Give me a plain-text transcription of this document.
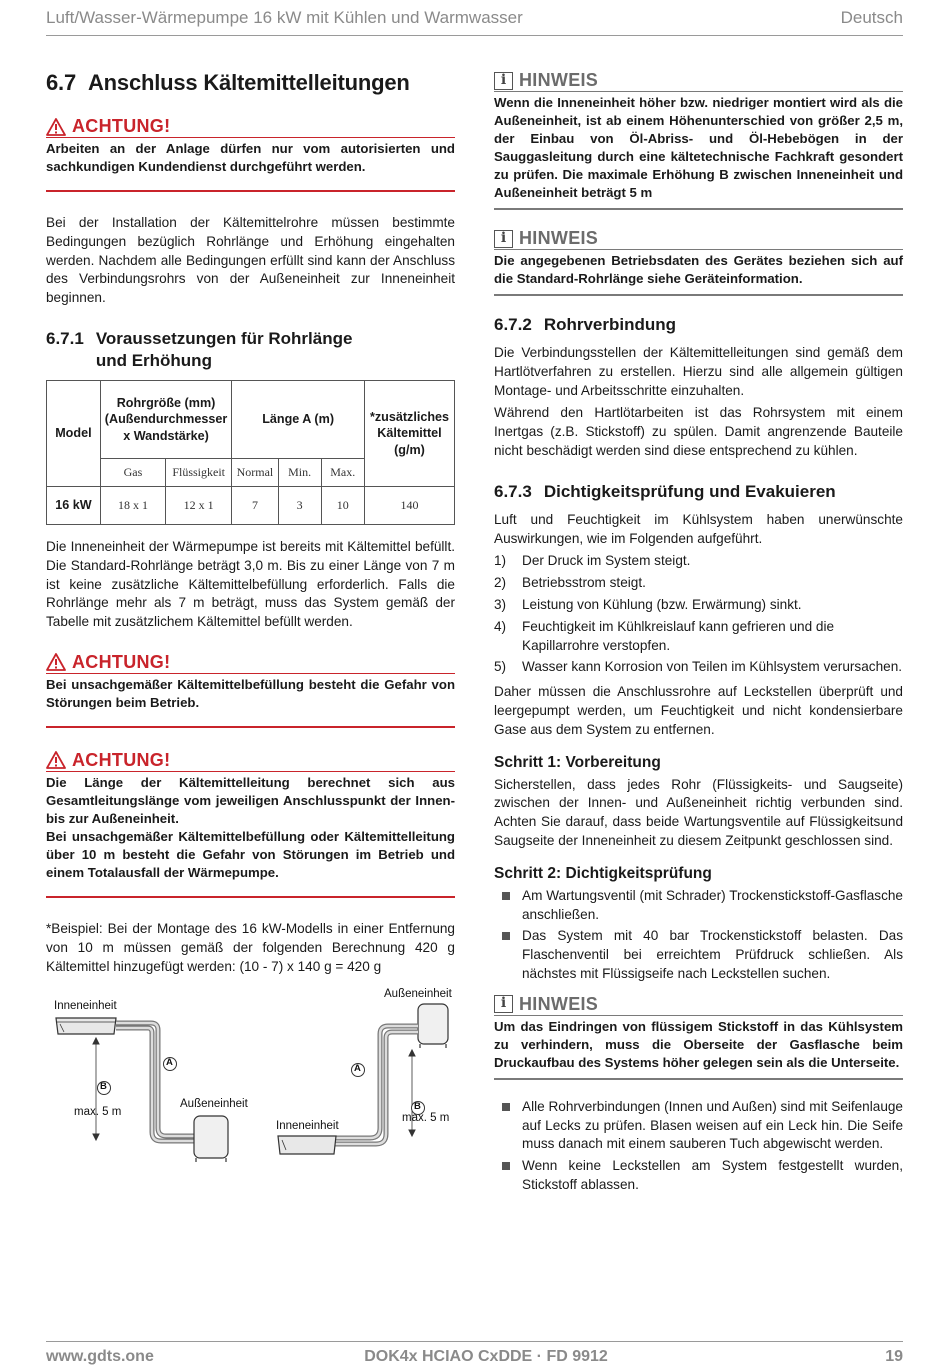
Luft/Wasser-Wärmepumpe 16 kW mit Kühlen und Warmwasser	Deutsch
6.7 Anschluss Kältemittelleitungen
ACHTUNG!
Arbeiten an der Anlage dürfen nur vom autorisierten und sachkundigen Kundendienst durchgeführt werden.

Bei der Installation der Kältemittelrohre müssen bestimmte Bedingungen bezüglich Rohrlänge und Erhöhung eingehalten werden. Nachdem alle Bedingungen erfüllt sind kann der Anschluss des Verbindungsrohrs von der Außeneinheit zur Inneneinheit beginnen.

6.7.1 Voraussetzungen für Rohrlänge und Erhöhung
Model	Rohrgröße (mm) (Außendurchmesser x Wandstärke)		Länge A (m)			*zusätzliches Kältemittel (g/m)
	Gas	Flüssigkeit	Normal	Min.	Max.	
16 kW	18 x 1	12 x 1	7	3	10	140

Die Inneneinheit der Wärmepumpe ist bereits mit Kältemittel befüllt. Die Standard-Rohrlänge beträgt 3,0 m. Bis zu einer Länge von 7 m ist keine zusätzliche Kältemittelbefüllung erforderlich. Falls die Rohrlänge mehr als 7 m beträgt, muss das System gemäß der Tabelle mit zusätzlichem Kältemittel befüllt werden.

ACHTUNG!
Bei unsachgemäßer Kältemittelbefüllung besteht die Gefahr von Störungen beim Betrieb.
ACHTUNG!
Die Länge der Kältemittelleitung berechnet sich aus Gesamtleitungslänge vom jeweiligen Anschlusspunkt der Innen- bis zur Außeneinheit.
Bei unsachgemäßer Kältemittelbefüllung oder Kältemittelleitung über 10 m besteht die Gefahr von Störungen im Betrieb und einem Totalausfall der Wärmepumpe.

*Beispiel: Bei der Montage des 16 kW-Modells in einer Entfernung von 10 m müssen gemäß der folgenden Berechnung 420 g Kältemittel hinzugefügt werden: (10 - 7) x 140 g = 420 g

Inneneinheit
Außeneinheit
A
B
max. 5 m
Außeneinheit
Inneneinheit
A
B
max. 5 m
i HINWEIS
Wenn die Inneneinheit höher bzw. niedriger montiert wird als die Außeneinheit, ist ab einem Höhenunterschied von größer 2,5 m, der Einbau von Öl-Abriss- und Öl-Hebebögen in der Sauggasleitung durch eine kältetechnische Fachkraft gesondert zu prüfen. Die maximale Erhöhung B zwischen Inneneinheit und Außeneinheit beträgt 5 m
i HINWEIS
Die angegebenen Betriebsdaten des Gerätes beziehen sich auf die Standard-Rohrlänge siehe Geräteinformation.
6.7.2 Rohrverbindung

Die Verbindungsstellen der Kältemittelleitungen sind gemäß dem Hartlötverfahren zu erstellen. Hierzu sind alle allgemein gültigen Montage- und Arbeitsschritte einzuhalten.

Während den Hartlötarbeiten ist das Rohrsystem mit einem Inertgas (z.B. Stickstoff) zu spülen. Damit angrenzende Bauteile nicht beschädigt werden sind diese entsprechend zu kühlen.

6.7.3 Dichtigkeitsprüfung und Evakuieren

Luft und Feuchtigkeit im Kühlsystem haben unerwünschte Auswirkungen, wie im Folgenden aufgeführt.

1)	Der Druck im System steigt.
2)	Betriebsstrom steigt.
3)	Leistung von Kühlung (bzw. Erwärmung) sinkt.
4)	Feuchtigkeit im Kühlkreislauf kann gefrieren und die Kapillarrohre verstopfen.
5)	Wasser kann Korrosion von Teilen im Kühlsystem verursachen.

Daher müssen die Anschlussrohre auf Leckstellen überprüft und leergepumpt werden, um Feuchtigkeit und nicht kondensierbare Gase aus dem System zu entfernen.

Schritt 1: Vorbereitung

Sicherstellen, dass jedes Rohr (Flüssigkeits- und Saugseite) zwischen der Innen- und Außeneinheit richtig verbunden sind. Achten Sie darauf, dass beide Wartungsventile auf Flüssigkeitsund Saugseite der Inneneinheit zu diesem Zeitpunkt geschlossen sind.

Schritt 2: Dichtigkeitsprüfung
Am Wartungsventil (mit Schrader) Trockenstickstoff-Gasflasche anschließen.
Das System mit 40 bar Trockenstickstoff belasten. Das Flaschenventil bei erreichtem Prüfdruck schließen. Als nächstes mit Flüssigseife nach Leckstellen suchen.
i HINWEIS
Um das Eindringen von flüssigem Stickstoff in das Kühlsystem zu verhindern, muss die Oberseite der Gasflasche beim Druckaufbau des Systems höher gelegen sein als die Unterseite.
Alle Rohrverbindungen (Innen und Außen) sind mit Seifenlauge auf Lecks zu prüfen. Blasen weisen auf ein Leck hin. Die Seife muss danach mit einem sauberen Tuch abgewischt werden.
Wenn keine Leckstellen am System festgestellt wurden, Stickstoff ablassen.
www.gdts.one	DOK4x HCIAO CxDDE · FD 9912	19
